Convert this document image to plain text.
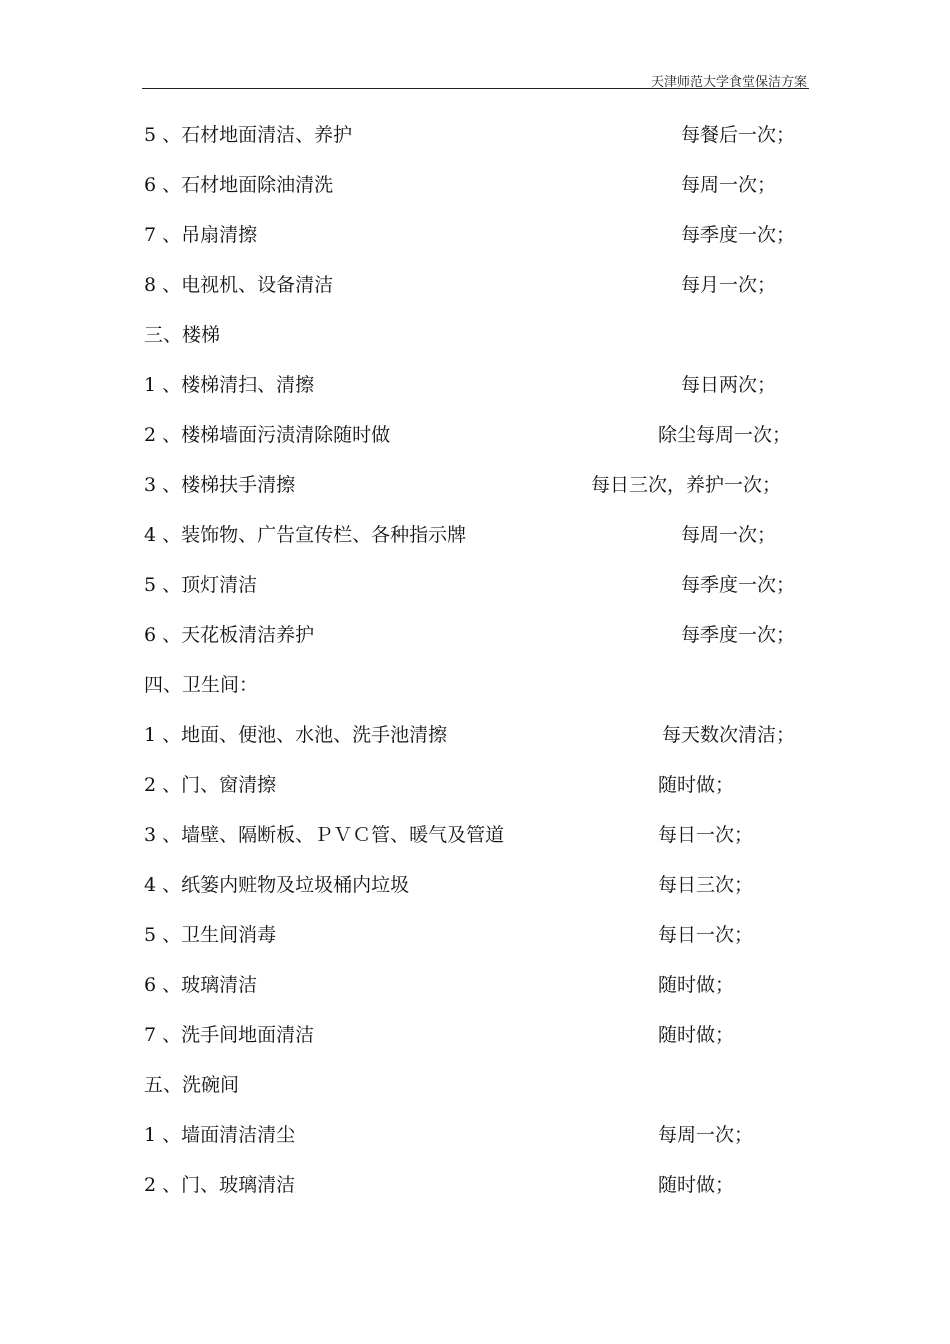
天津师范大学食堂保洁方案
5 、石材地面清洁、养护	每餐后一次；
6 、石材地面除油清洗	每周一次；
7 、吊扇清擦	每季度一次；
8 、电视机、设备清洁	每月一次；
三、楼梯
1 、楼梯清扫、清擦	每日两次；
2 、楼梯墙面污渍清除随时做	除尘每周一次；
3 、楼梯扶手清擦	每日三次，养护一次；
4 、装饰物、广告宣传栏、各种指示牌	每周一次；
5 、顶灯清洁	每季度一次；
6 、天花板清洁养护	每季度一次；
四、卫生间：
1 、地面、便池、水池、洗手池清擦	每天数次清洁；
2 、门、窗清擦	随时做；
3 、墙壁、隔断板、ＰＶＣ管、暖气及管道	每日一次；
4 、纸篓内赃物及垃圾桶内垃圾	每日三次；
5 、卫生间消毒	每日一次；
6 、玻璃清洁	随时做；
7 、洗手间地面清洁	随时做；
五、洗碗间
1 、墙面清洁清尘	每周一次；
2 、门、玻璃清洁	随时做；
